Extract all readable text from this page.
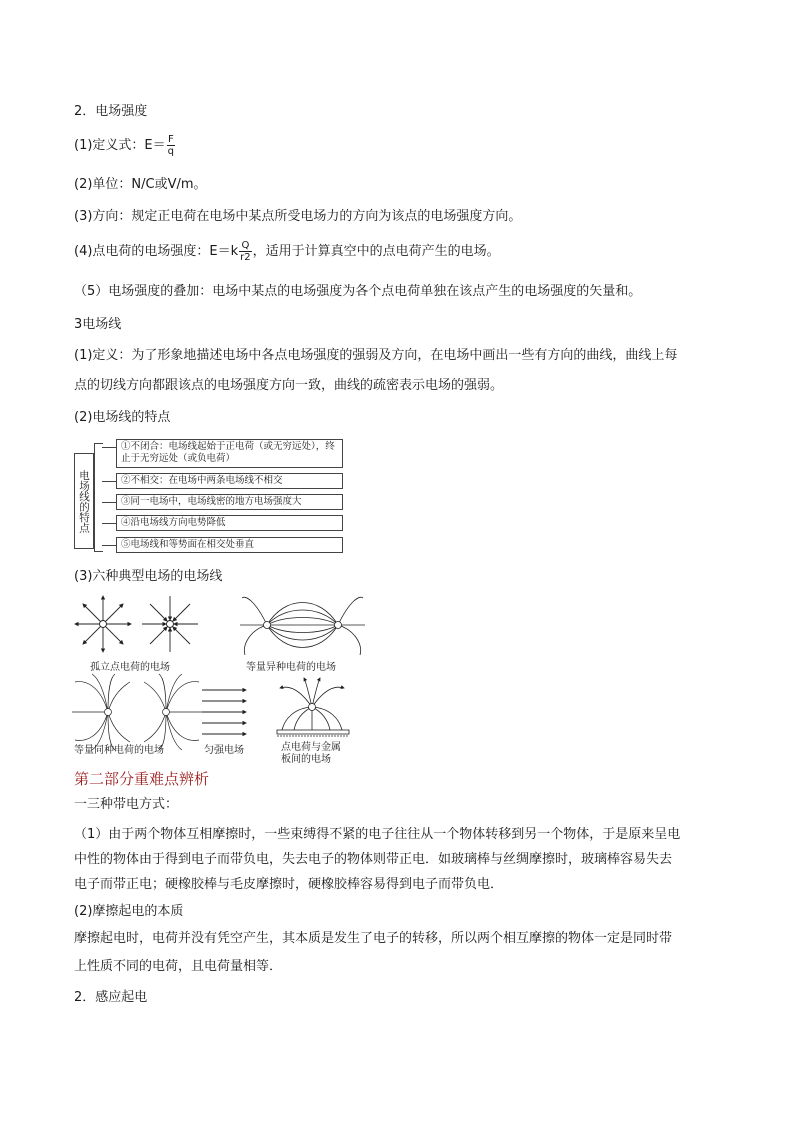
2．电场强度
(1)定义式：$E= \frac{F}{q}$
(2)单位：N/C或V/m。
(3)方向：规定正电荷在电场中某点所受电场力的方向为该点的电场强度方向。
(4)点电荷的电场强度：$E=k \frac{Q}{r2}$ ，适用于计算真空中的点电荷产生的电场。
（5）电场强度的叠加：电场中某点的电场强度为各个点电荷单独在该点产生的电场强度的矢量和。
3电场线
(1)定义：为了形象地描述电场中各点电场强度的强弱及方向，在电场中画出一些有方向的曲线，曲线上每
点的切线方向都跟该点的电场强度方向一致，曲线的疏密表示电场的强弱。
(2)电场线的特点
电场线的特点
①不闭合：电场线起始于正电荷（或无穷远处），终止于无穷远处（或负电荷）
②不相交：在电场中两条电场线不相交
③同一电场中，电场线密的地方电场强度大
④沿电场线方向电势降低
⑤电场线和等势面在相交处垂直
(3)六种典型电场的电场线
孤立点电荷的电场	等量异种电荷的电场
等量同种电荷的电场	匀强电场	点电荷与金属
板间的电场
第二部分重难点辨析
一三种带电方式：
（1）由于两个物体互相摩擦时，一些束缚得不紧的电子往往从一个物体转移到另一个物体，于是原来呈电
中性的物体由于得到电子而带负电，失去电子的物体则带正电．如玻璃棒与丝绸摩擦时，玻璃棒容易失去
电子而带正电；硬橡胶棒与毛皮摩擦时，硬橡胶棒容易得到电子而带负电．
(2)摩擦起电的本质
摩擦起电时，电荷并没有凭空产生，其本质是发生了电子的转移，所以两个相互摩擦的物体一定是同时带
上性质不同的电荷，且电荷量相等．
2．感应起电
